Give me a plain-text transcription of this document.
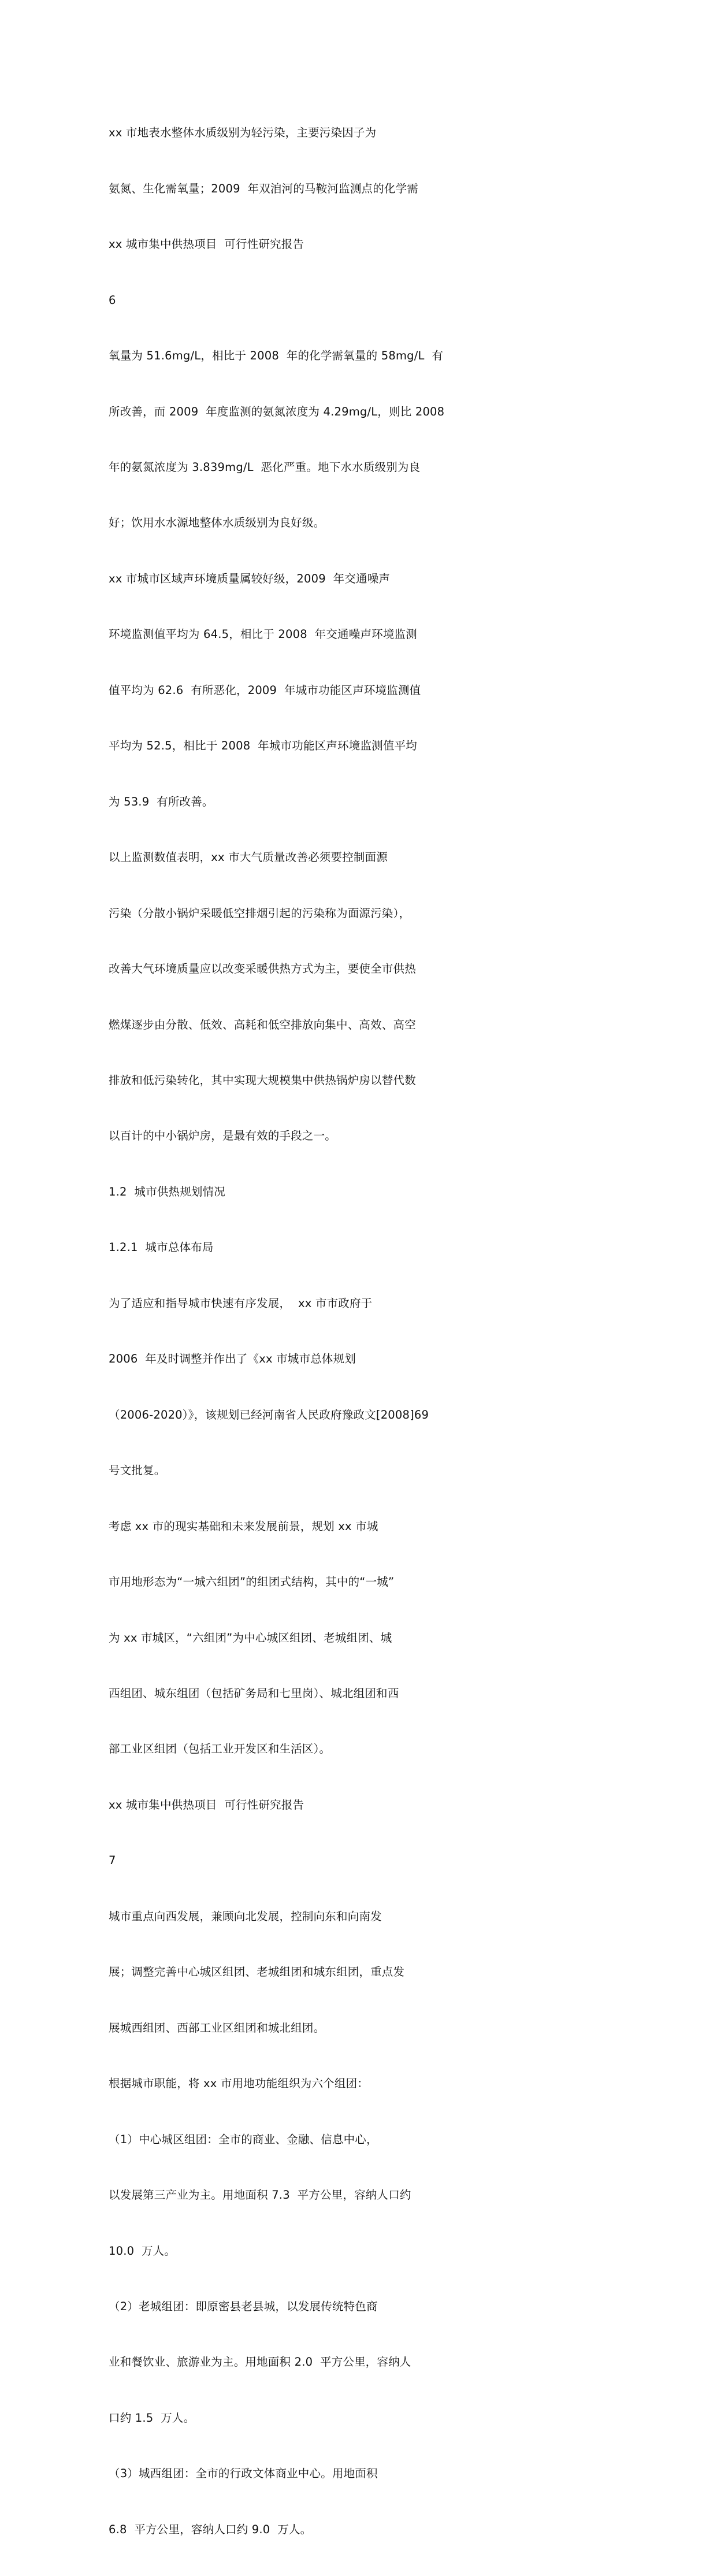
xx 市地表水整体水质级别为轻污染，主要污染因子为

氨氮、生化需氧量；2009  年双洎河的马鞍河监测点的化学需

xx 城市集中供热项目  可行性研究报告

6

氧量为 51.6mg/L，相比于 2008  年的化学需氧量的 58mg/L  有

所改善，而 2009  年度监测的氨氮浓度为 4.29mg/L，则比 2008

年的氨氮浓度为 3.839mg/L  恶化严重。地下水水质级别为良

好；饮用水水源地整体水质级别为良好级。

xx 市城市区域声环境质量属较好级，2009  年交通噪声

环境监测值平均为 64.5，相比于 2008  年交通噪声环境监测

值平均为 62.6  有所恶化，2009  年城市功能区声环境监测值

平均为 52.5，相比于 2008  年城市功能区声环境监测值平均

为 53.9  有所改善。

以上监测数值表明，xx 市大气质量改善必须要控制面源

污染（分散小锅炉采暖低空排烟引起的污染称为面源污染），

改善大气环境质量应以改变采暖供热方式为主，要使全市供热

燃煤逐步由分散、低效、高耗和低空排放向集中、高效、高空

排放和低污染转化，其中实现大规模集中供热锅炉房以替代数

以百计的中小锅炉房，是最有效的手段之一。

1.2  城市供热规划情况

1.2.1  城市总体布局

为了适应和指导城市快速有序发展，  xx 市市政府于

2006  年及时调整并作出了《xx 市城市总体规划

（2006-2020）》，该规划已经河南省人民政府豫政文[2008]69

号文批复。

考虑 xx 市的现实基础和未来发展前景，规划 xx 市城

市用地形态为“一城六组团”的组团式结构，其中的“一城”

为 xx 市城区，“六组团”为中心城区组团、老城组团、城

西组团、城东组团（包括矿务局和七里岗）、城北组团和西

部工业区组团（包括工业开发区和生活区）。

xx 城市集中供热项目  可行性研究报告

7

城市重点向西发展，兼顾向北发展，控制向东和向南发

展；调整完善中心城区组团、老城组团和城东组团，重点发

展城西组团、西部工业区组团和城北组团。

根据城市职能，将 xx 市用地功能组织为六个组团：

（1）中心城区组团：全市的商业、金融、信息中心，

以发展第三产业为主。用地面积 7.3  平方公里，容纳人口约

10.0  万人。

（2）老城组团：即原密县老县城，以发展传统特色商

业和餐饮业、旅游业为主。用地面积 2.0  平方公里，容纳人

口约 1.5  万人。

（3）城西组团：全市的行政文体商业中心。用地面积

6.8  平方公里，容纳人口约 9.0  万人。
